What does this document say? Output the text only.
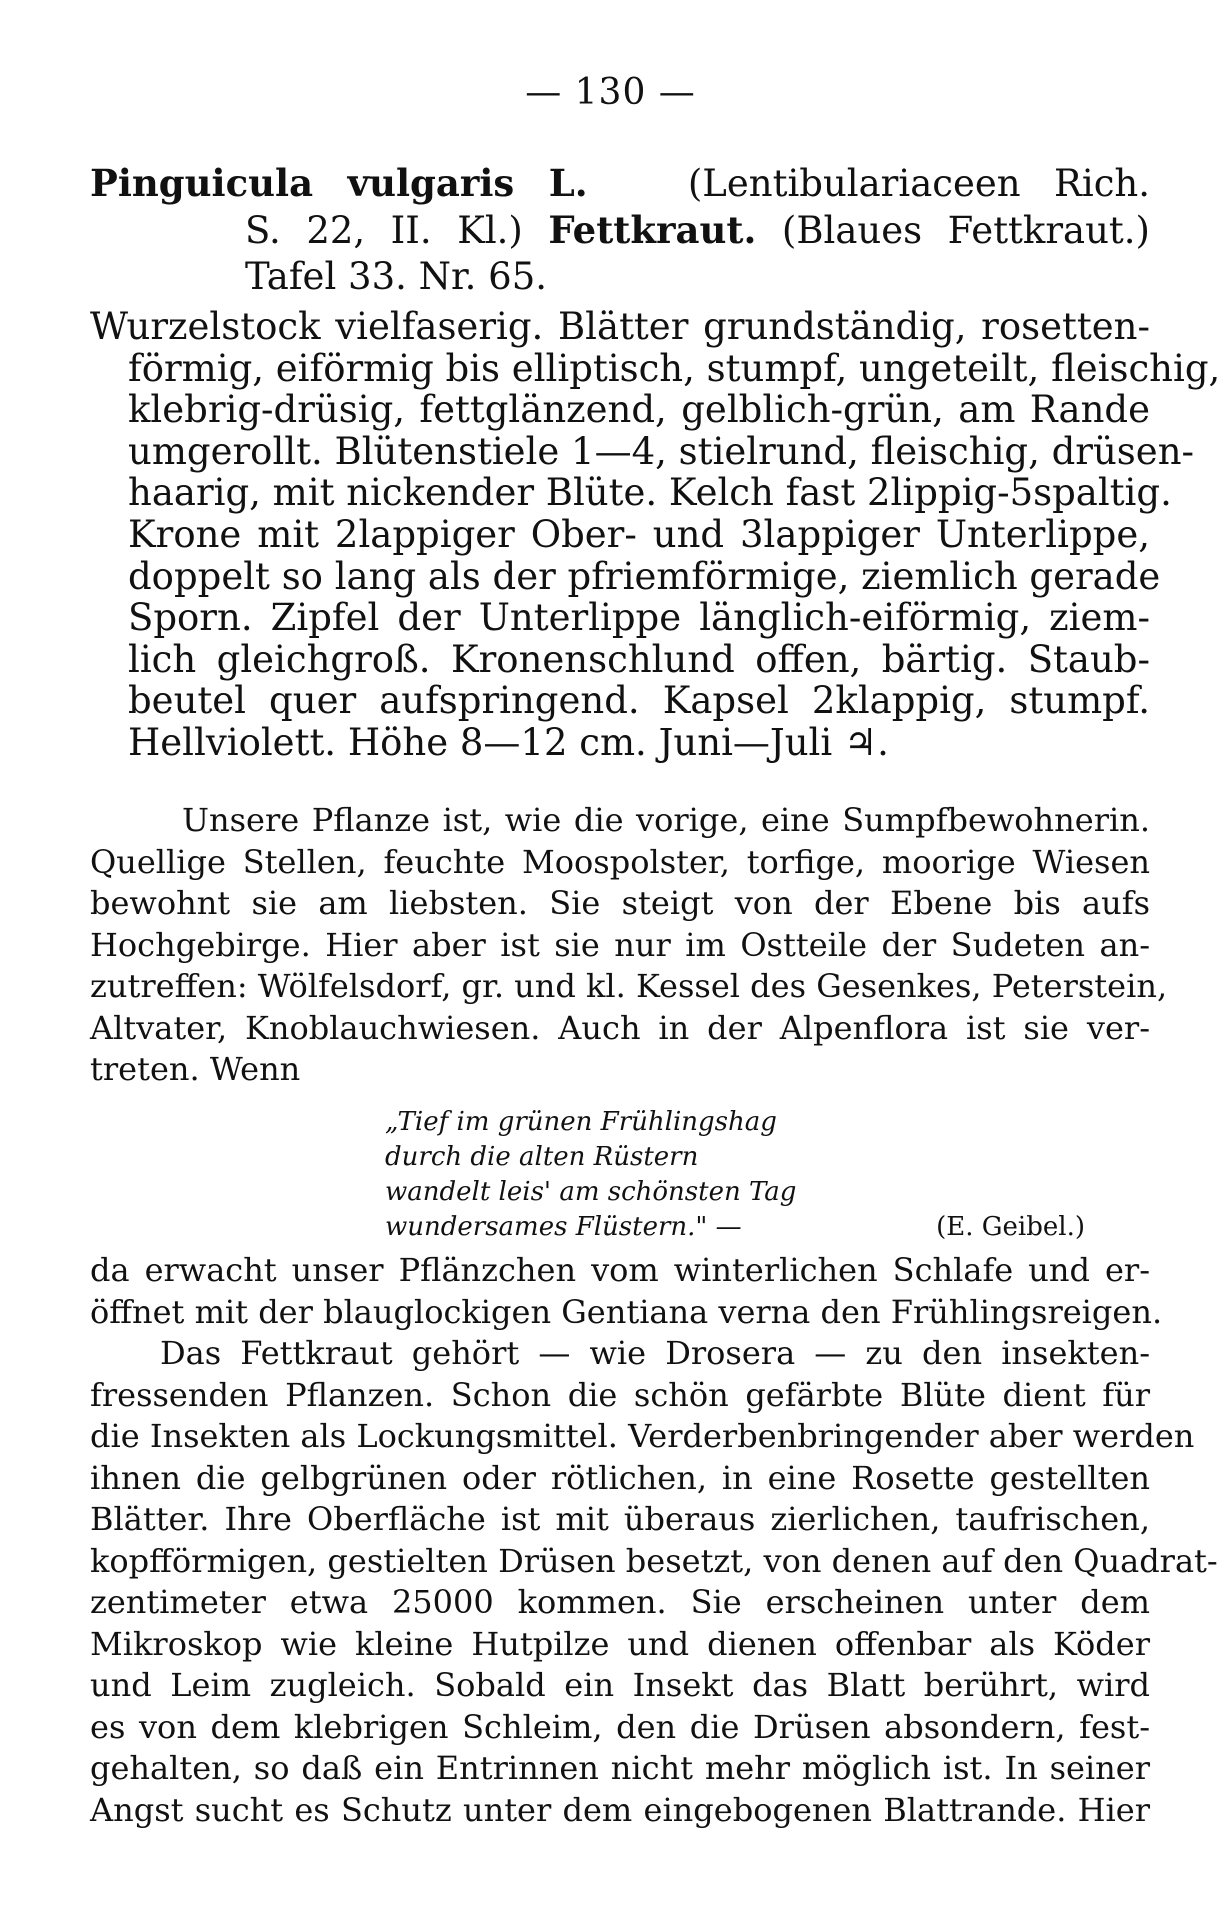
— 130 —
Pinguicula vulgaris L.	(Lentibulariaceen Rich.
S. 22, II. Kl.) Fettkraut. (Blaues Fettkraut.)
Tafel 33. Nr. 65.
Wurzelstock vielfaserig. Blätter grundständig, rosetten-
förmig, eiförmig bis elliptisch, stumpf, ungeteilt, fleischig,
klebrig-drüsig, fettglänzend, gelblich-grün, am Rande
umgerollt. Blütenstiele 1—4, stielrund, fleischig, drüsen-
haarig, mit nickender Blüte. Kelch fast 2lippig-5spaltig.
Krone mit 2lappiger Ober- und 3lappiger Unterlippe,
doppelt so lang als der pfriemförmige, ziemlich gerade
Sporn. Zipfel der Unterlippe länglich-eiförmig, ziem-
lich gleichgroß. Kronenschlund offen, bärtig. Staub-
beutel quer aufspringend. Kapsel 2klappig, stumpf.
Hellviolett. Höhe 8—12 cm. Juni—Juli ♃.
Unsere Pflanze ist, wie die vorige, eine Sumpfbewohnerin.
Quellige Stellen, feuchte Moospolster, torfige, moorige Wiesen
bewohnt sie am liebsten. Sie steigt von der Ebene bis aufs
Hochgebirge. Hier aber ist sie nur im Ostteile der Sudeten an-
zutreffen: Wölfelsdorf, gr. und kl. Kessel des Gesenkes, Peterstein,
Altvater, Knoblauchwiesen. Auch in der Alpenflora ist sie ver-
treten. Wenn
„Tief im grünen Frühlingshag
durch die alten Rüstern
wandelt leis' am schönsten Tag
wundersames Flüstern." —	(E. Geibel.)
da erwacht unser Pflänzchen vom winterlichen Schlafe und er-
öffnet mit der blauglockigen Gentiana verna den Frühlingsreigen.
Das Fettkraut gehört — wie Drosera — zu den insekten-
fressenden Pflanzen. Schon die schön gefärbte Blüte dient für
die Insekten als Lockungsmittel. Verderbenbringender aber werden
ihnen die gelbgrünen oder rötlichen, in eine Rosette gestellten
Blätter. Ihre Oberfläche ist mit überaus zierlichen, taufrischen,
kopfförmigen, gestielten Drüsen besetzt, von denen auf den Quadrat-
zentimeter etwa 25000 kommen. Sie erscheinen unter dem
Mikroskop wie kleine Hutpilze und dienen offenbar als Köder
und Leim zugleich. Sobald ein Insekt das Blatt berührt, wird
es von dem klebrigen Schleim, den die Drüsen absondern, fest-
gehalten, so daß ein Entrinnen nicht mehr möglich ist. In seiner
Angst sucht es Schutz unter dem eingebogenen Blattrande. Hier
